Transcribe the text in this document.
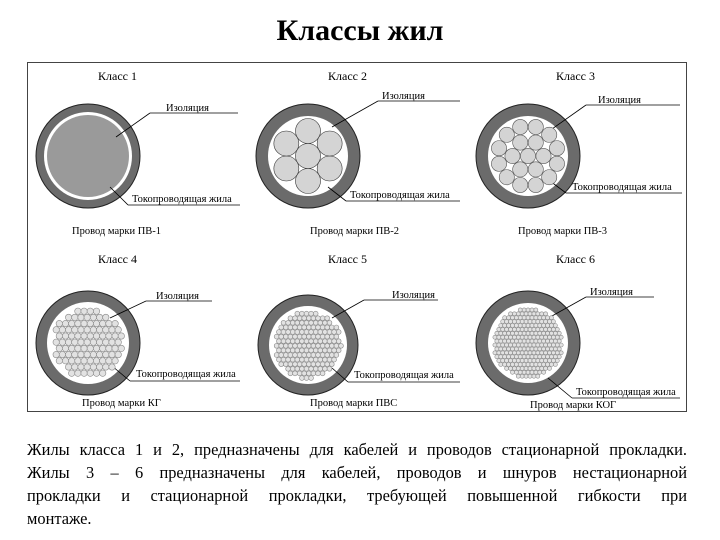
Классы жил
Класс 1
Изоляция
Токопроводящая жила
Провод марки ПВ-1
Класс 2
Изоляция
Токопроводящая жила
Провод марки ПВ-2
Класс 3
Изоляция
Токопроводящая жила
Провод марки ПВ-3
Класс 4
Изоляция
Токопроводящая жила
Провод марки КГ
Класс 5
Изоляция
Токопроводящая жила
Провод марки ПВС
Класс 6
Изоляция
Токопроводящая жила
Провод марки КОГ

Жилы класса 1 и 2, предназначены для кабелей и проводов стационарной прокладки.

Жилы 3 – 6 предназначены для кабелей, проводов и шнуров нестационарной

прокладки и стационарной прокладки, требующей повышенной гибкости при

монтаже.
